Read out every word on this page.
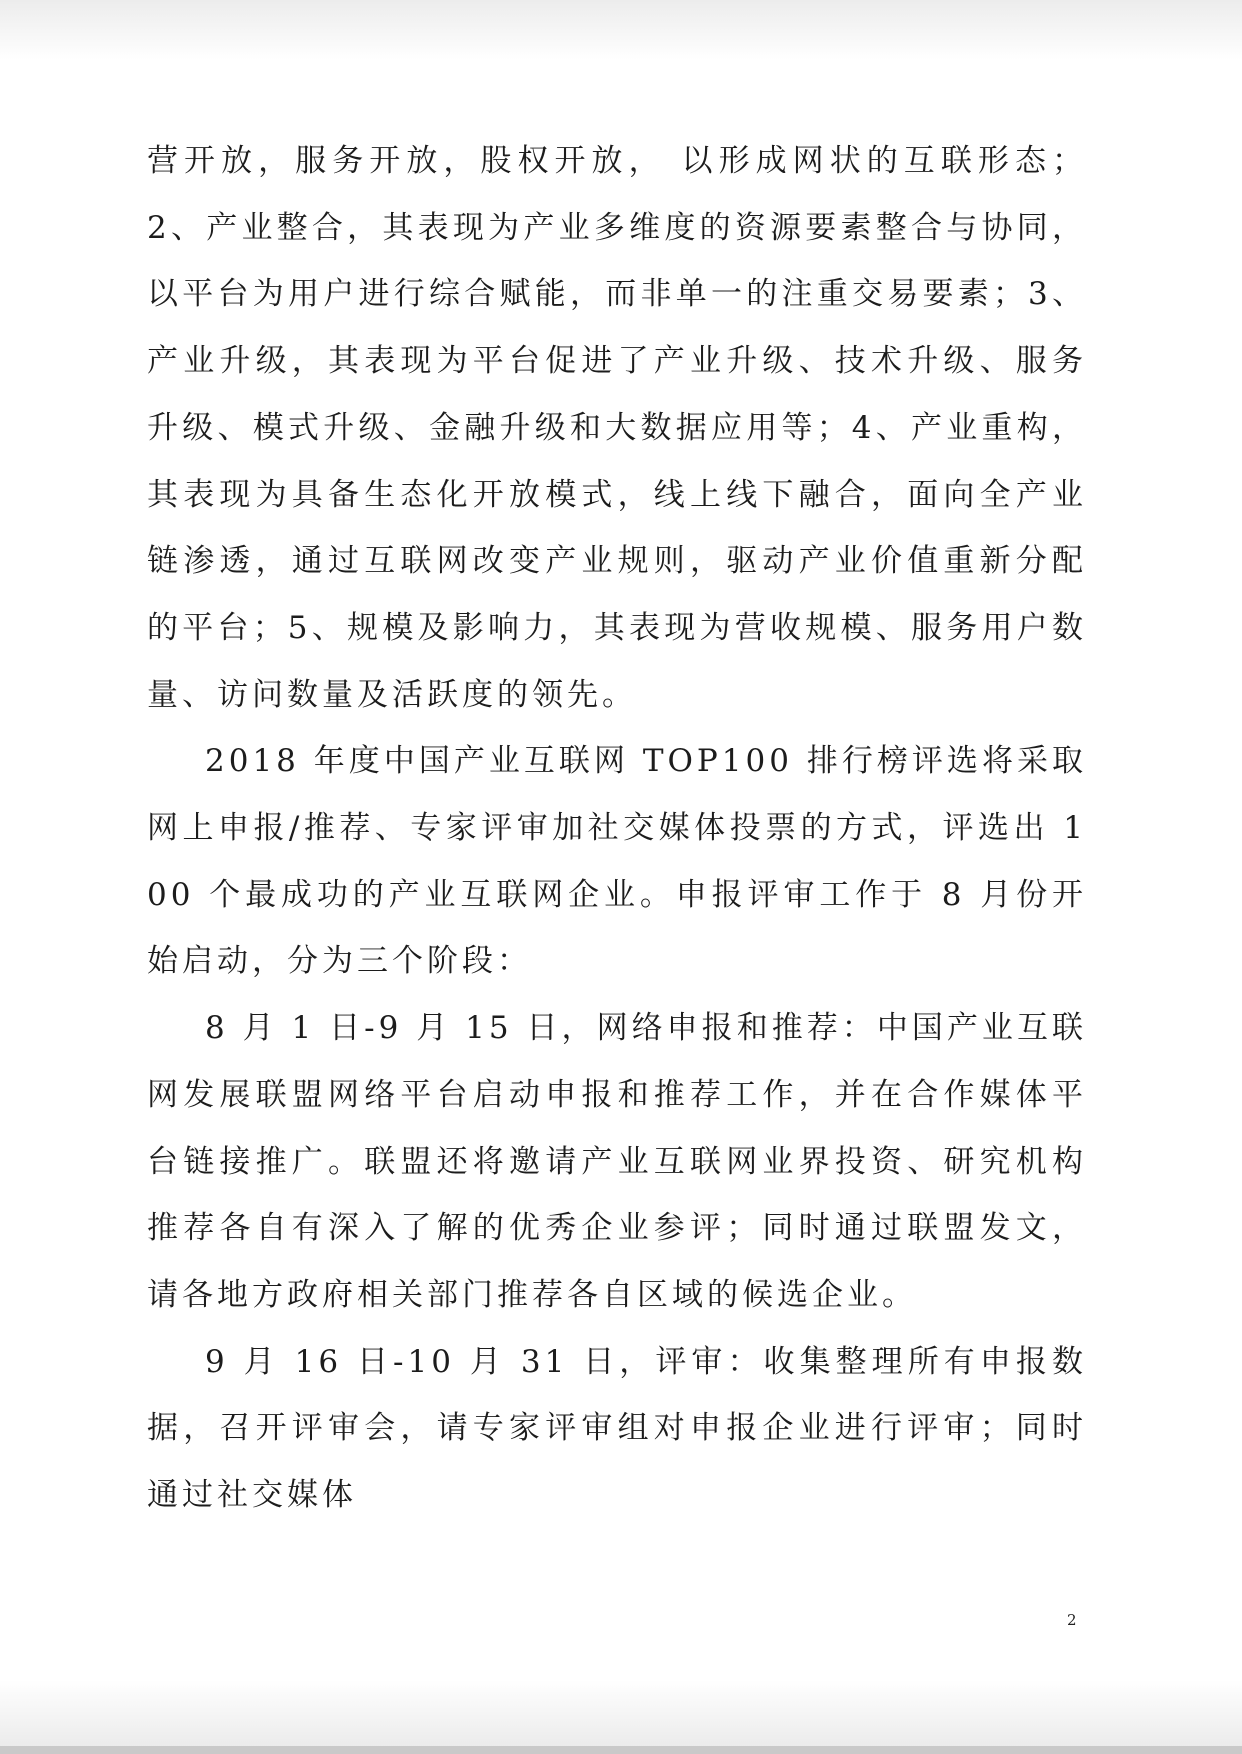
营开放，服务开放，股权开放， 以形成网状的互联形态；2、产业整合，其表现为产业多维度的资源要素整合与协同，以平台为用户进行综合赋能，而非单一的注重交易要素；3、产业升级，其表现为平台促进了产业升级、技术升级、服务升级、模式升级、金融升级和大数据应用等；4、产业重构，其表现为具备生态化开放模式，线上线下融合，面向全产业链渗透，通过互联网改变产业规则，驱动产业价值重新分配的平台；5、规模及影响力，其表现为营收规模、服务用户数量、访问数量及活跃度的领先。

2018 年度中国产业互联网 TOP100 排行榜评选将采取网上申报/推荐、专家评审加社交媒体投票的方式，评选出 100 个最成功的产业互联网企业。申报评审工作于 8 月份开始启动，分为三个阶段：

8 月 1 日-9 月 15 日，网络申报和推荐：中国产业互联网发展联盟网络平台启动申报和推荐工作，并在合作媒体平台链接推广。联盟还将邀请产业互联网业界投资、研究机构推荐各自有深入了解的优秀企业参评；同时通过联盟发文，请各地方政府相关部门推荐各自区域的候选企业。

9 月 16 日-10 月 31 日，评审：收集整理所有申报数据，召开评审会，请专家评审组对申报企业进行评审；同时通过社交媒体

2
